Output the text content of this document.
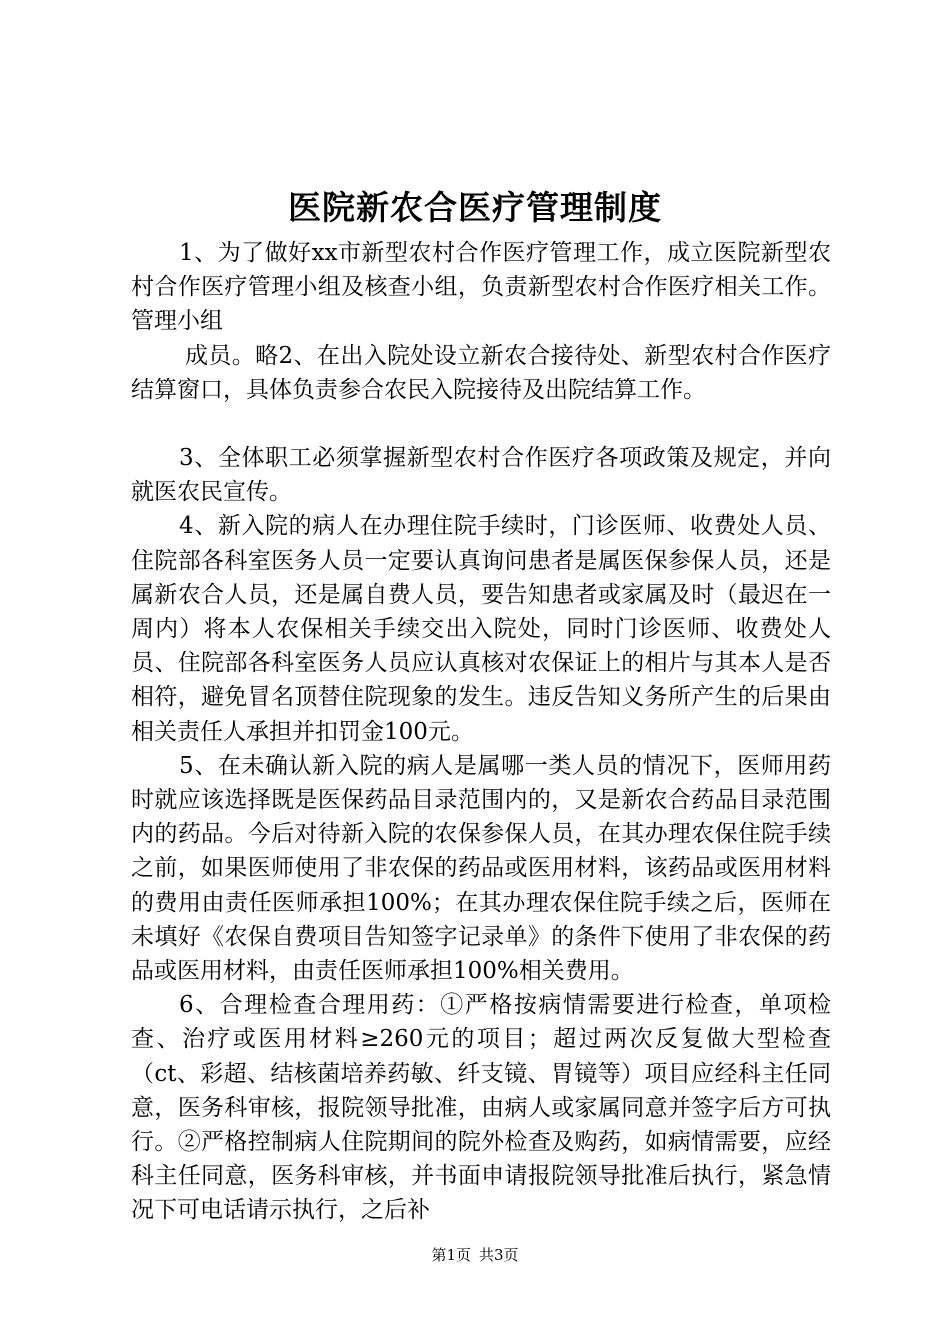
医院新农合医疗管理制度

1、为了做好xx市新型农村合作医疗管理工作，成立医院新型农村合作医疗管理小组及核查小组，负责新型农村合作医疗相关工作。管理小组

成员。略2、在出入院处设立新农合接待处、新型农村合作医疗结算窗口，具体负责参合农民入院接待及出院结算工作。

3、全体职工必须掌握新型农村合作医疗各项政策及规定，并向就医农民宣传。

4、新入院的病人在办理住院手续时，门诊医师、收费处人员、住院部各科室医务人员一定要认真询问患者是属医保参保人员，还是属新农合人员，还是属自费人员，要告知患者或家属及时（最迟在一周内）将本人农保相关手续交出入院处，同时门诊医师、收费处人员、住院部各科室医务人员应认真核对农保证上的相片与其本人是否相符，避免冒名顶替住院现象的发生。违反告知义务所产生的后果由相关责任人承担并扣罚金100元。

5、在未确认新入院的病人是属哪一类人员的情况下，医师用药时就应该选择既是医保药品目录范围内的，又是新农合药品目录范围内的药品。今后对待新入院的农保参保人员，在其办理农保住院手续之前，如果医师使用了非农保的药品或医用材料，该药品或医用材料的费用由责任医师承担100%；在其办理农保住院手续之后，医师在未填好《农保自费项目告知签字记录单》的条件下使用了非农保的药品或医用材料，由责任医师承担100%相关费用。

6、合理检查合理用药：①严格按病情需要进行检查，单项检查、治疗或医用材料≥260元的项目；超过两次反复做大型检查（ct、彩超、结核菌培养药敏、纤支镜、胃镜等）项目应经科主任同意，医务科审核，报院领导批准，由病人或家属同意并签字后方可执行。②严格控制病人住院期间的院外检查及购药，如病情需要，应经科主任同意，医务科审核，并书面申请报院领导批准后执行，紧急情况下可电话请示执行，之后补

第1页 共3页
